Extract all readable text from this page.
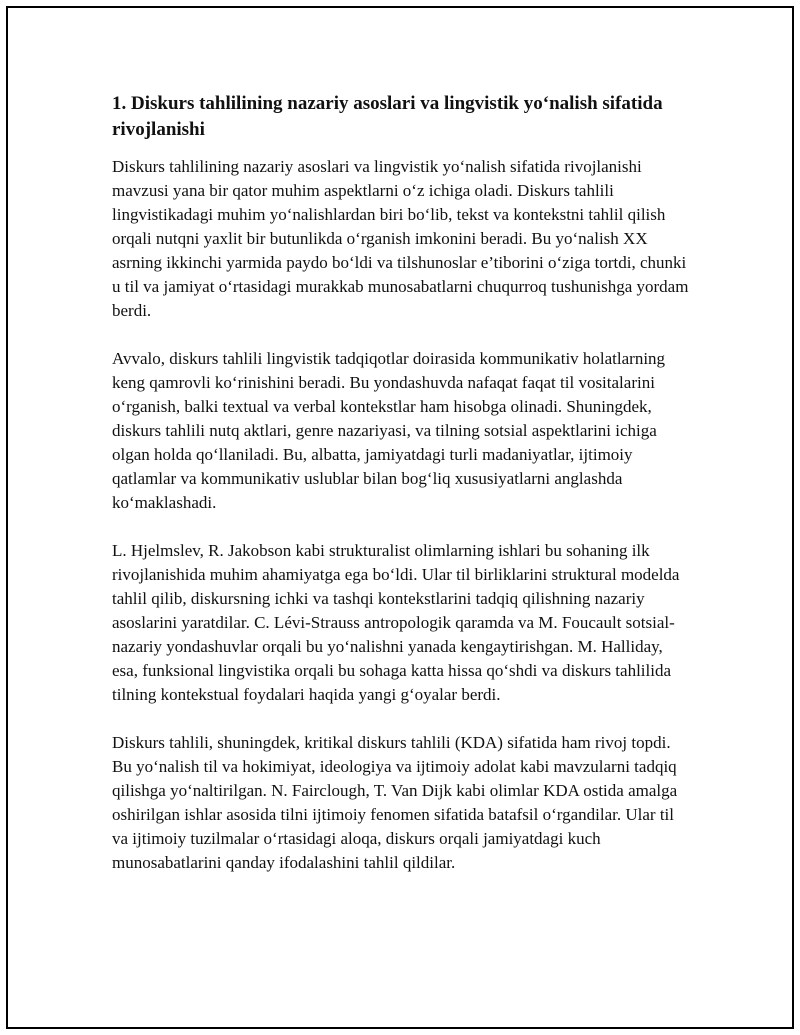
1. Diskurs tahlilining nazariy asoslari va lingvistik yo‘nalish sifatida rivojlanishi

Diskurs tahlilining nazariy asoslari va lingvistik yo‘nalish sifatida rivojlanishi mavzusi yana bir qator muhim aspektlarni o‘z ichiga oladi. Diskurs tahlili lingvistikadagi muhim yo‘nalishlardan biri bo‘lib, tekst va kontekstni tahlil qilish orqali nutqni yaxlit bir butunlikda o‘rganish imkonini beradi. Bu yo‘nalish XX asrning ikkinchi yarmida paydo bo‘ldi va tilshunoslar e’tiborini o‘ziga tortdi, chunki u til va jamiyat o‘rtasidagi murakkab munosabatlarni chuqurroq tushunishga yordam berdi.

Avvalo, diskurs tahlili lingvistik tadqiqotlar doirasida kommunikativ holatlarning keng qamrovli ko‘rinishini beradi. Bu yondashuvda nafaqat faqat til vositalarini o‘rganish, balki textual va verbal kontekstlar ham hisobga olinadi. Shuningdek, diskurs tahlili nutq aktlari, genre nazariyasi, va tilning sotsial aspektlarini ichiga olgan holda qo‘llaniladi. Bu, albatta, jamiyatdagi turli madaniyatlar, ijtimoiy qatlamlar va kommunikativ uslublar bilan bog‘liq xususiyatlarni anglashda ko‘maklashadi.

L. Hjelmslev, R. Jakobson kabi strukturalist olimlarning ishlari bu sohaning ilk rivojlanishida muhim ahamiyatga ega bo‘ldi. Ular til birliklarini struktural modelda tahlil qilib, diskursning ichki va tashqi kontekstlarini tadqiq qilishning nazariy asoslarini yaratdilar. C. Lévi-Strauss antropologik qaramda va M. Foucault sotsial-nazariy yondashuvlar orqali bu yo‘nalishni yanada kengaytirishgan. M. Halliday, esa, funksional lingvistika orqali bu sohaga katta hissa qo‘shdi va diskurs tahlilida tilning kontekstual foydalari haqida yangi g‘oyalar berdi.

Diskurs tahlili, shuningdek, kritikal diskurs tahlili (KDA) sifatida ham rivoj topdi. Bu yo‘nalish til va hokimiyat, ideologiya va ijtimoiy adolat kabi mavzularni tadqiq qilishga yo‘naltirilgan. N. Fairclough, T. Van Dijk kabi olimlar KDA ostida amalga oshirilgan ishlar asosida tilni ijtimoiy fenomen sifatida batafsil o‘rgandilar. Ular til va ijtimoiy tuzilmalar o‘rtasidagi aloqa, diskurs orqali jamiyatdagi kuch munosabatlarini qanday ifodalashini tahlil qildilar.
